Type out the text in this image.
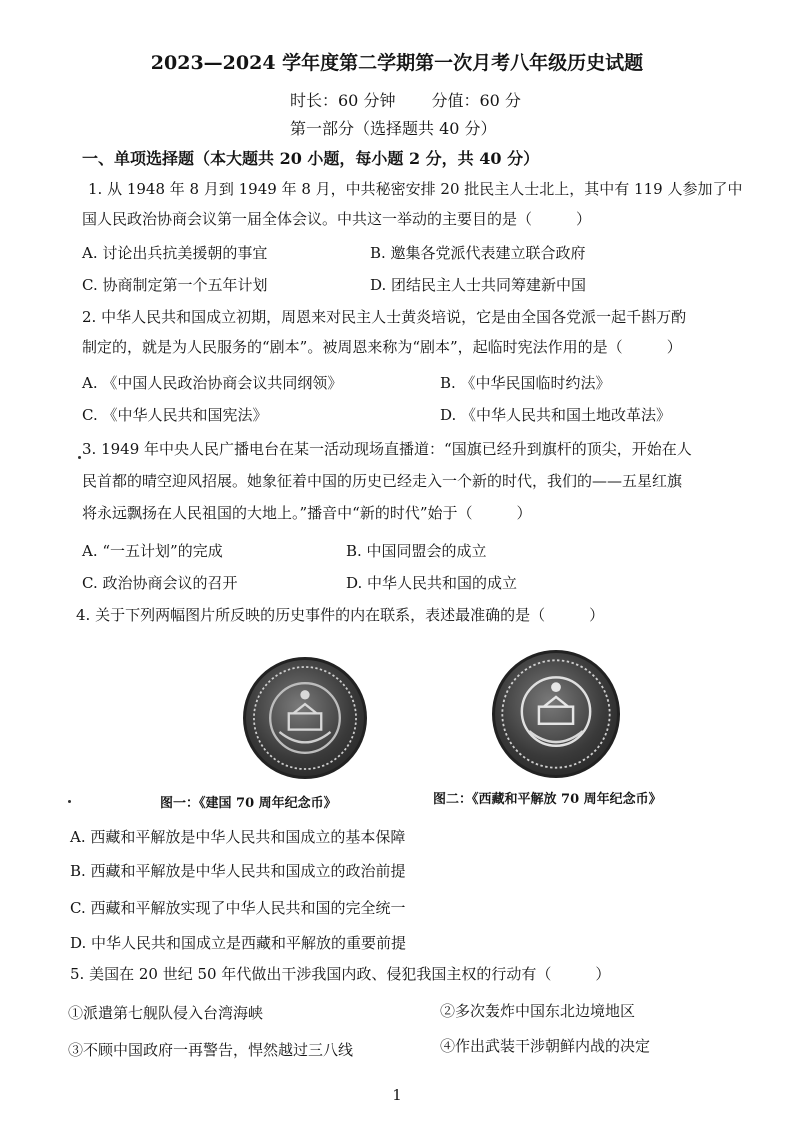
2023—2024 学年度第二学期第一次月考八年级历史试题
时长：60 分钟 分值：60 分
第一部分（选择题共 40 分）
一、单项选择题（本大题共 20 小题，每小题 2 分，共 40 分）
1. 从 1948 年 8 月到 1949 年 8 月，中共秘密安排 20 批民主人士北上，其中有 119 人参加了中
国人民政治协商会议第一届全体会议。中共这一举动的主要目的是（	）
A. 讨论出兵抗美援朝的事宜	B. 邀集各党派代表建立联合政府
C. 协商制定第一个五年计划	D. 团结民主人士共同筹建新中国
2. 中华人民共和国成立初期，周恩来对民主人士黄炎培说，它是由全国各党派一起千斟万酌
制定的，就是为人民服务的“剧本”。被周恩来称为“剧本”，起临时宪法作用的是（	）
A. 《中国人民政治协商会议共同纲领》	B. 《中华民国临时约法》
C. 《中华人民共和国宪法》	D. 《中华人民共和国土地改革法》
3. 1949 年中央人民广播电台在某一活动现场直播道：“国旗已经升到旗杆的顶尖，开始在人
民首都的晴空迎风招展。她象征着中国的历史已经走入一个新的时代，我们的——五星红旗
将永远飘扬在人民祖国的大地上。”播音中“新的时代”始于（	）
A. “一五计划”的完成	B. 中国同盟会的成立
C. 政治协商会议的召开	D. 中华人民共和国的成立
4. 关于下列两幅图片所反映的历史事件的内在联系，表述最准确的是（	）
图一：《建国 70 周年纪念币》	图二：《西藏和平解放 70 周年纪念币》
A. 西藏和平解放是中华人民共和国成立的基本保障
B. 西藏和平解放是中华人民共和国成立的政治前提
C. 西藏和平解放实现了中华人民共和国的完全统一
D. 中华人民共和国成立是西藏和平解放的重要前提
5. 美国在 20 世纪 50 年代做出干涉我国内政、侵犯我国主权的行动有（	）
①派遣第七舰队侵入台湾海峡	②多次轰炸中国东北边境地区
③不顾中国政府一再警告，悍然越过三八线	④作出武装干涉朝鲜内战的决定
1
